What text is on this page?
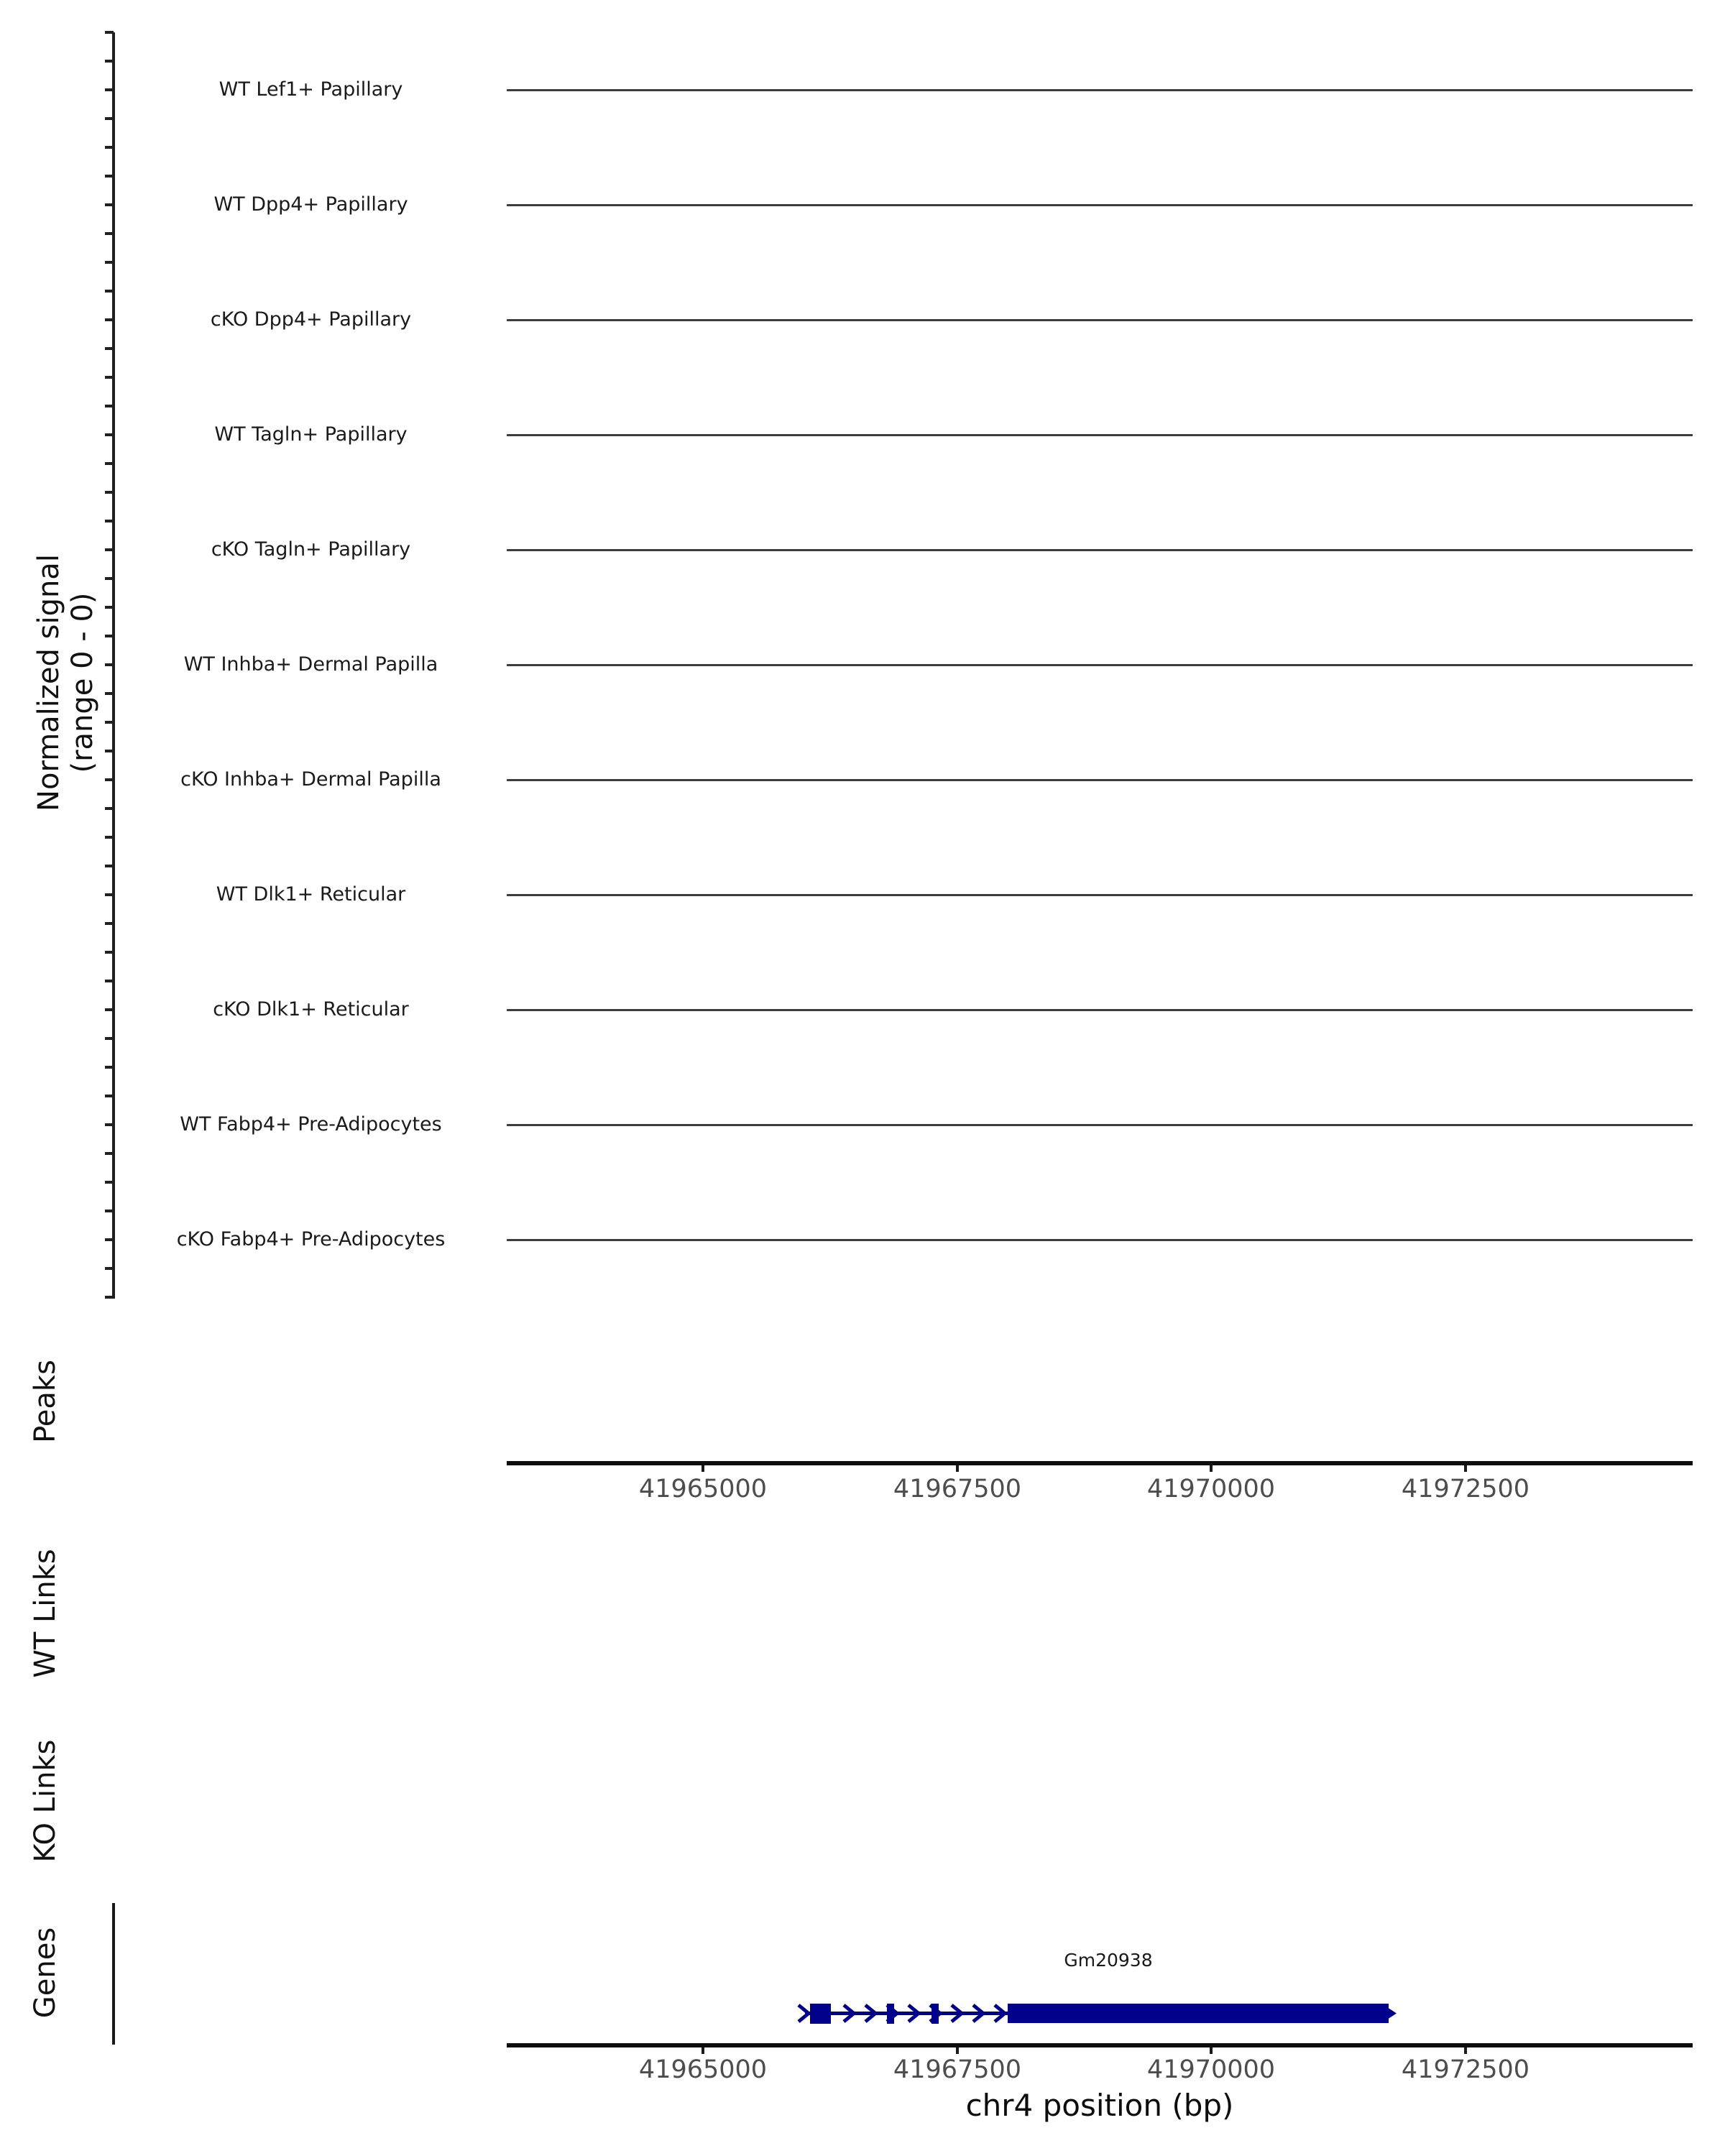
Normalized signal (range 0 - 0)
WT Lef1+ Papillary
WT Dpp4+ Papillary
cKO Dpp4+ Papillary
WT Tagln+ Papillary
cKO Tagln+ Papillary
WT Inhba+ Dermal Papilla
cKO Inhba+ Dermal Papilla
WT Dlk1+ Reticular
cKO Dlk1+ Reticular
WT Fabp4+ Pre-Adipocytes
cKO Fabp4+ Pre-Adipocytes
Peaks
WT Links
KO Links
Genes
41965000	41967500	41970000	41972500
Gm20938
41965000	41967500	41970000	41972500
chr4 position (bp)
